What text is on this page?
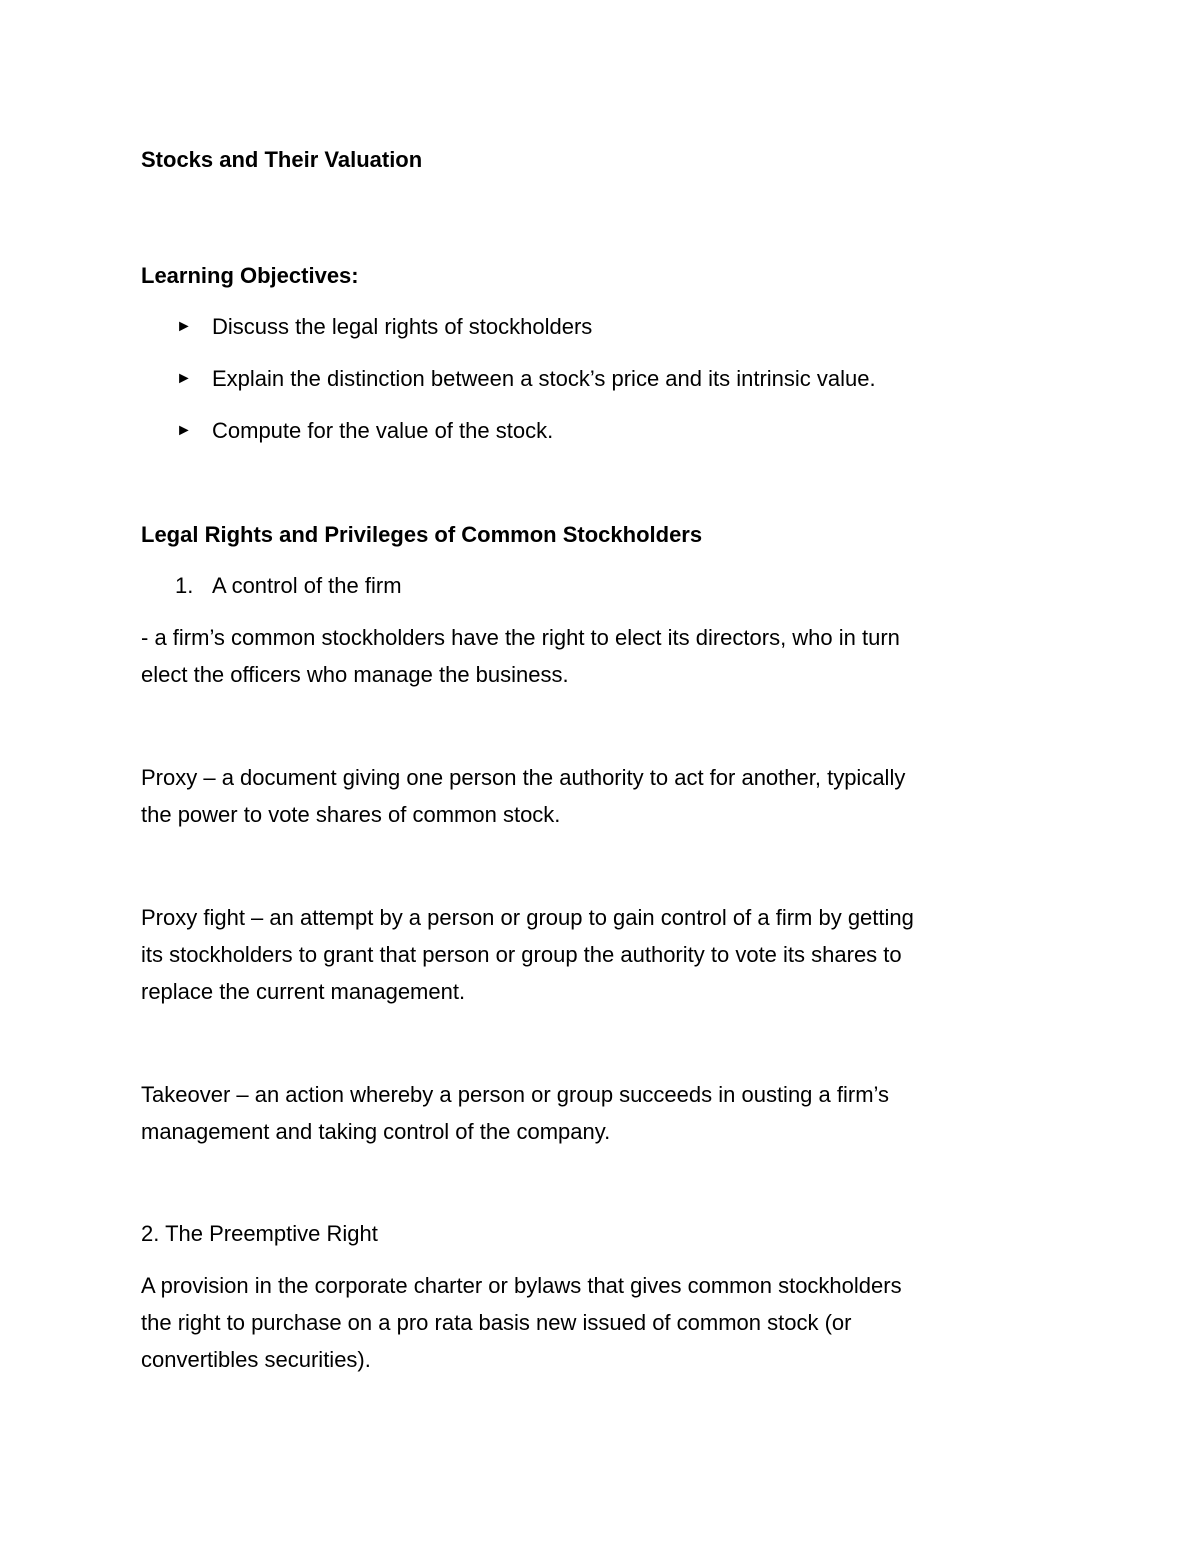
Stocks and Their Valuation
Learning Objectives:
► Discuss the legal rights of stockholders
► Explain the distinction between a stock’s price and its intrinsic value.
► Compute for the value of the stock.
Legal Rights and Privileges of Common Stockholders
1. A control of the firm
- a firm’s common stockholders have the right to elect its directors, who in turn
elect the officers who manage the business.
Proxy – a document giving one person the authority to act for another, typically
the power to vote shares of common stock.
Proxy fight – an attempt by a person or group to gain control of a firm by getting
its stockholders to grant that person or group the authority to vote its shares to
replace the current management.
Takeover – an action whereby a person or group succeeds in ousting a firm’s
management and taking control of the company.
2. The Preemptive Right
A provision in the corporate charter or bylaws that gives common stockholders
the right to purchase on a pro rata basis new issued of common stock (or
convertibles securities).
